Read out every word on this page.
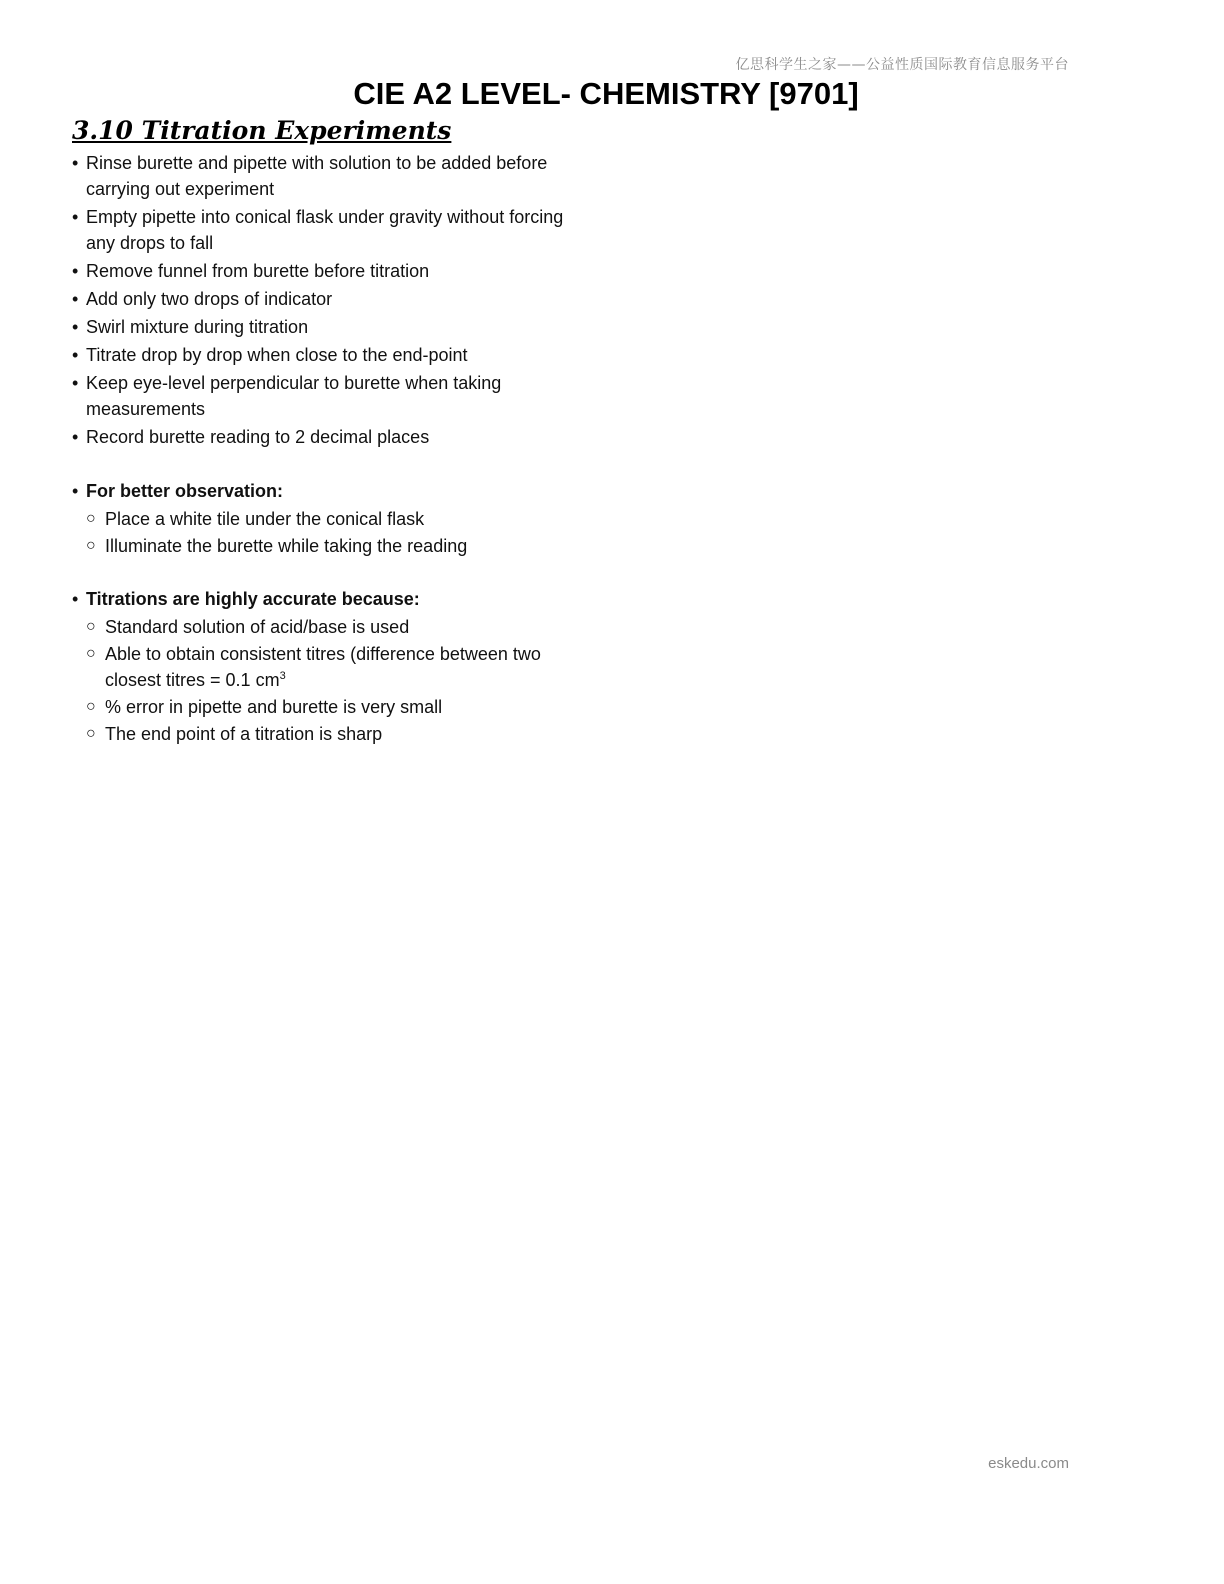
亿思科学生之家——公益性质国际教育信息服务平台
CIE A2 LEVEL- CHEMISTRY [9701]
3.10 Titration Experiments
• Rinse burette and pipette with solution to be added before carrying out experiment
• Empty pipette into conical flask under gravity without forcing any drops to fall
• Remove funnel from burette before titration
• Add only two drops of indicator
• Swirl mixture during titration
• Titrate drop by drop when close to the end-point
• Keep eye-level perpendicular to burette when taking measurements
• Record burette reading to 2 decimal places
• For better observation:
○ Place a white tile under the conical flask
○ Illuminate the burette while taking the reading
• Titrations are highly accurate because:
○ Standard solution of acid/base is used
○ Able to obtain consistent titres (difference between two closest titres = 0.1 $cm^3$
○ % error in pipette and burette is very small
○ The end point of a titration is sharp
eskedu.com
